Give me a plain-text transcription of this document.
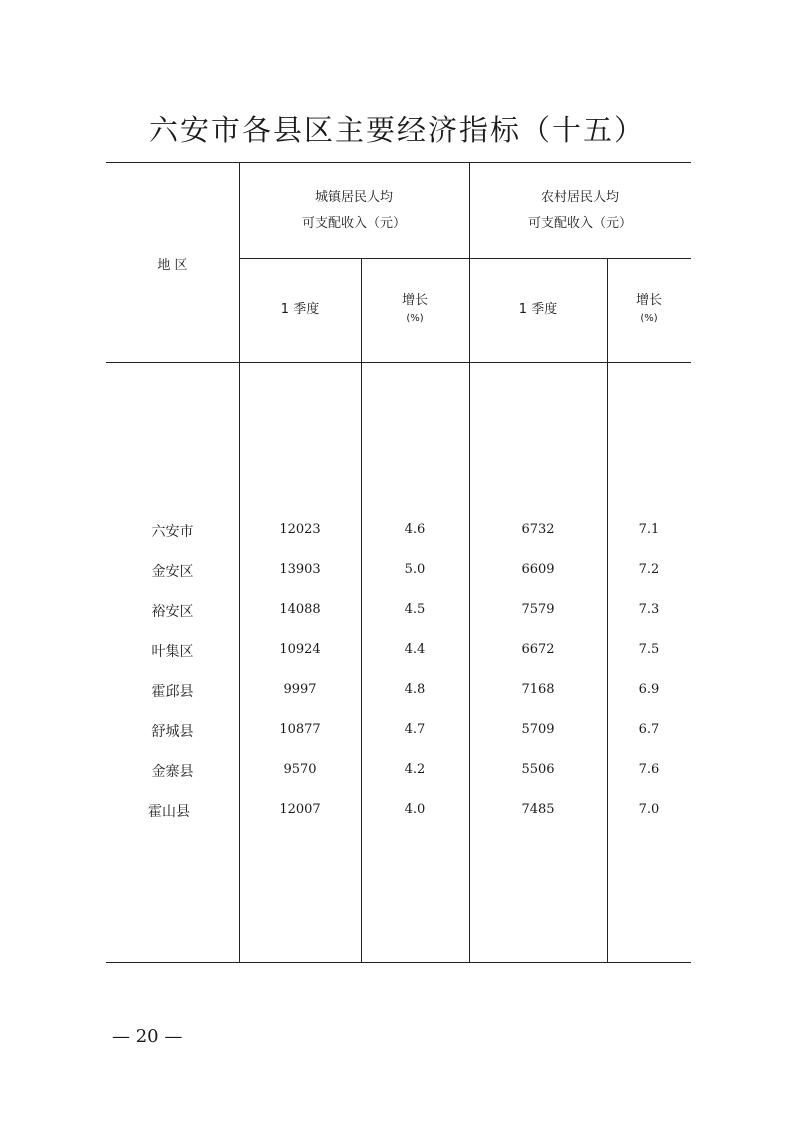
六安市各县区主要经济指标（十五）
地 区
城镇居民人均
可支配收入（元）
农村居民人均
可支配收入（元）
1 季度
增长
(%)
1 季度
增长
(%)
六安市	12023	4.6	6732	7.1
金安区	13903	5.0	6609	7.2
裕安区	14088	4.5	7579	7.3
叶集区	10924	4.4	6672	7.5
霍邱县	9997	4.8	7168	6.9
舒城县	10877	4.7	5709	6.7
金寨县	9570	4.2	5506	7.6
霍山县	12007	4.0	7485	7.0
— 20 —
